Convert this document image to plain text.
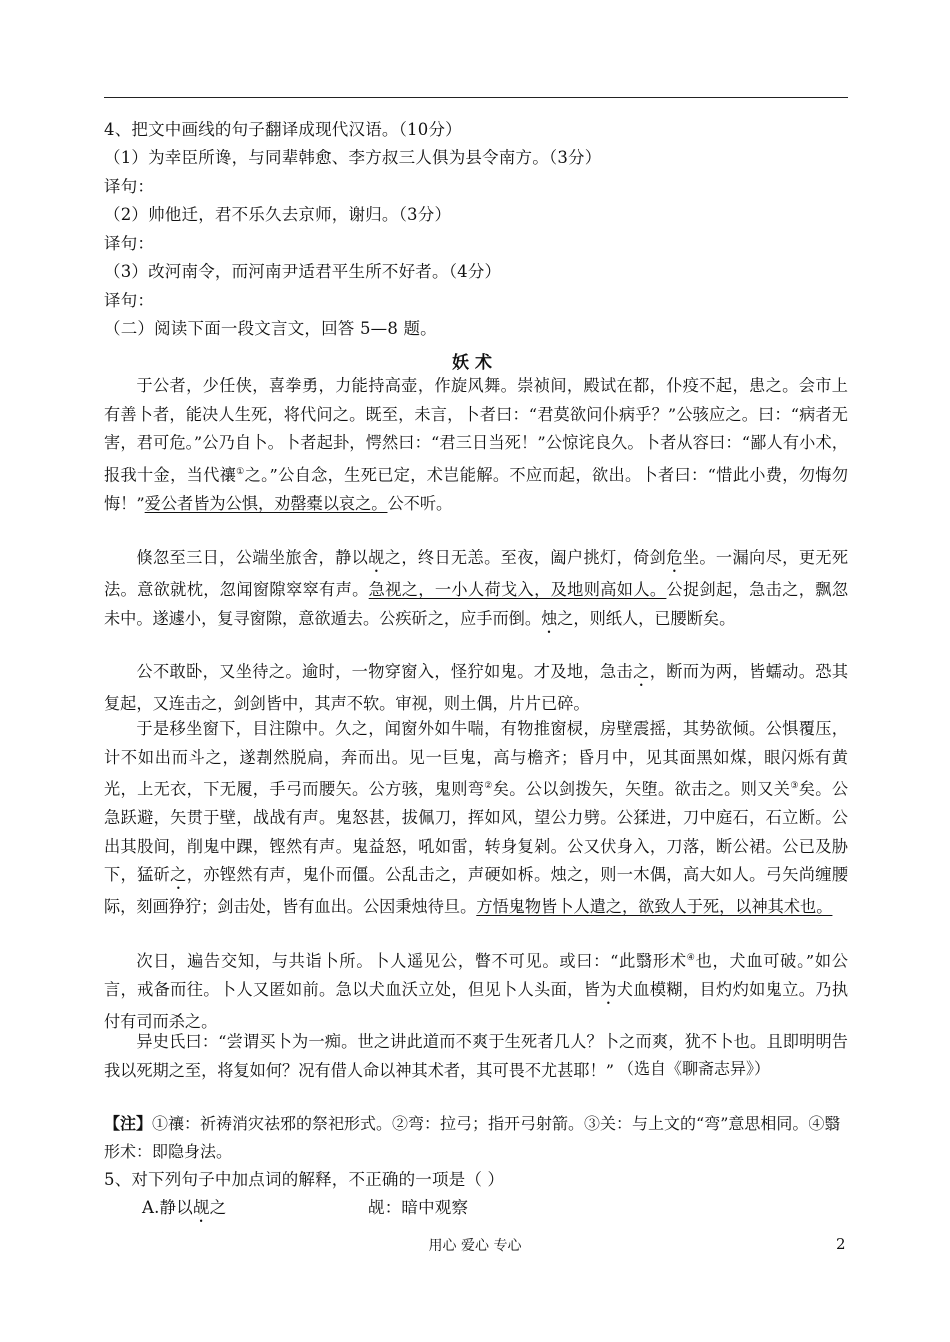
4、把文中画线的句子翻译成现代汉语。（10分）
（1）为幸臣所谗，与同辈韩愈、李方叔三人俱为县令南方。（3分）
译句：
（2）帅他迁，君不乐久去京师，谢归。（3分）
译句：
（3）改河南令，而河南尹适君平生所不好者。（4分）
译句：
（二）阅读下面一段文言文，回答 5—8 题。
妖术
于公者，少任侠，喜拳勇，力能持高壶，作旋风舞。崇祯间，殿试在都，仆疫不起，患之。会市上有善卜者，能决人生死，将代问之。既至，未言，卜者曰：“君莫欲问仆病乎？”公骇应之。曰：“病者无害，君可危。”公乃自卜。卜者起卦，愕然曰：“君三日当死！”公惊诧良久。卜者从容曰：“鄙人有小术，报我十金，当代禳①之。”公自念，生死已定，术岂能解。不应而起，欲出。卜者曰：“惜此小费，勿悔勿悔！”爱公者皆为公惧，劝罄橐以哀之。公不听。
倏忽至三日，公端坐旅舍，静以觇之，终日无恙。至夜，阖户挑灯，倚剑危坐。一漏向尽，更无死法。意欲就枕，忽闻窗隙窣窣有声。急视之，一小人荷戈入，及地则高如人。公捉剑起，急击之，飘忽未中。遂遽小，复寻窗隙，意欲遁去。公疾斫之，应手而倒。烛之，则纸人，已腰断矣。
公不敢卧，又坐待之。逾时，一物穿窗入，怪狞如鬼。才及地，急击之，断而为两，皆蠕动。恐其复起，又连击之，剑剑皆中，其声不软。审视，则土偶，片片已碎。
于是移坐窗下，目注隙中。久之，闻窗外如牛喘，有物推窗棂，房壁震摇，其势欲倾。公惧覆压，计不如出而斗之，遂剨然脱扃，奔而出。见一巨鬼，高与檐齐；昏月中，见其面黑如煤，眼闪烁有黄光，上无衣，下无履，手弓而腰矢。公方骇，鬼则弯②矣。公以剑拨矢，矢堕。欲击之。则又关③矣。公急跃避，矢贯于壁，战战有声。鬼怒甚，拔佩刀，挥如风，望公力劈。公猱进，刀中庭石，石立断。公出其股间，削鬼中踝，铿然有声。鬼益怒，吼如雷，转身复剁。公又伏身入，刀落，断公裙。公已及胁下，猛斫之，亦铿然有声，鬼仆而僵。公乱击之，声硬如柝。烛之，则一木偶，高大如人。弓矢尚缠腰际，刻画狰狞；剑击处，皆有血出。公因秉烛待旦。方悟鬼物皆卜人遣之，欲致人于死，以神其术也。
次日，遍告交知，与共诣卜所。卜人遥见公，瞥不可见。或曰：“此翳形术④也，犬血可破。”如公言，戒备而往。卜人又匿如前。急以犬血沃立处，但见卜人头面，皆为犬血模糊，目灼灼如鬼立。乃执付有司而杀之。
异史氏曰：“尝谓买卜为一痴。世之讲此道而不爽于生死者几人？卜之而爽，犹不卜也。且即明明告我以死期之至，将复如何？况有借人命以神其术者，其可畏不尤甚耶！” （选自《聊斋志异》）
【注】①禳：祈祷消灾祛邪的祭祀形式。②弯：拉弓；指开弓射箭。③关：与上文的“弯”意思相同。④翳形术：即隐身法。
5、对下列句子中加点词的解释，不正确的一项是（ ）
A.静以觇之	觇：暗中观察
用心 爱心 专心	2
